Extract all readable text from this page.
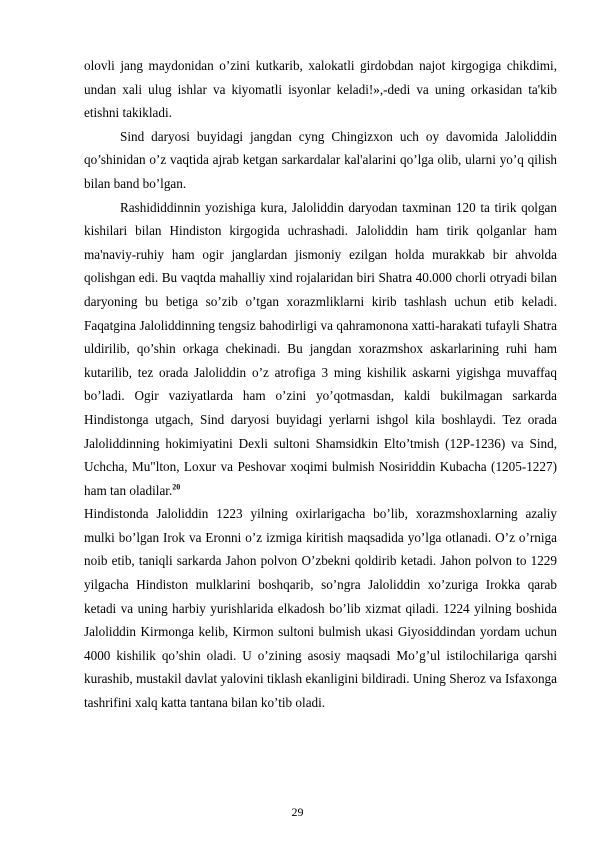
olovli jang maydonidan o’zini kutkarib, xalokatli girdobdan najot kirgogiga chikdimi, undan xali ulug ishlar va kiyomatli isyonlar keladi!»,-dedi va uning orkasidan ta'kib etishni takikladi.

Sind daryosi buyidagi jangdan cyng Chingizxon uch oy davomida Jaloliddin qo’shinidan o’z vaqtida ajrab ketgan sarkardalar kal'alarini qo’lga olib, ularni yo’q qilish bilan band bo’lgan.

Rashididdinnin yozishiga kura, Jaloliddin daryodan taxminan 120 ta tirik qolgan kishilari bilan Hindiston kirgogida uchrashadi. Jaloliddin ham tirik qolganlar ham ma'naviy-ruhiy ham ogir janglardan jismoniy ezilgan holda murakkab bir ahvolda qolishgan edi. Bu vaqtda mahalliy xind rojalaridan biri Shatra 40.000 chorli otryadi bilan daryoning bu betiga so’zib o’tgan xorazmliklarni kirib tashlash uchun etib keladi. Faqatgina Jaloliddinning tengsiz bahodirligi va qahramonona xatti-harakati tufayli Shatra uldirilib, qo’shin orkaga chekinadi. Bu jangdan xorazmshox askarlarining ruhi ham kutarilib, tez orada Jaloliddin o’z atrofiga 3 ming kishilik askarni yigishga muvaffaq bo’ladi. Ogir vaziyatlarda ham o’zini yo’qotmasdan, kaldi bukilmagan sarkarda Hindistonga utgach, Sind daryosi buyidagi yerlarni ishgol kila boshlaydi. Tez orada Jaloliddinning hokimiyatini Dexli sultoni Shamsidkin Elto’tmish (12P-1236) va Sind, Uchcha, Mu"lton, Loxur va Peshovar xoqimi bulmish Nosiriddin Kubacha (1205-1227) ham tan oladilar.$^{20}$

Hindistonda Jaloliddin 1223 yilning oxirlarigacha bo’lib, xorazmshoxlarning azaliy mulki bo’lgan Irok va Eronni o’z izmiga kiritish maqsadida yo’lga otlanadi. O’z o’rniga noib etib, taniqli sarkarda Jahon polvon O’zbekni qoldirib ketadi. Jahon polvon to 1229 yilgacha Hindiston mulklarini boshqarib, so’ngra Jaloliddin xo’zuriga Irokka qarab ketadi va uning harbiy yurishlarida elkadosh bo’lib xizmat qiladi. 1224 yilning boshida Jaloliddin Kirmonga kelib, Kirmon sultoni bulmish ukasi Giyosiddindan yordam uchun 4000 kishilik qo’shin oladi. U o’zining asosiy maqsadi Mo’g’ul istilochilariga qarshi kurashib, mustakil davlat yalovini tiklash ekanligini bildiradi. Uning Sheroz va Isfaxonga tashrifini xalq katta tantana bilan ko’tib oladi.

29
